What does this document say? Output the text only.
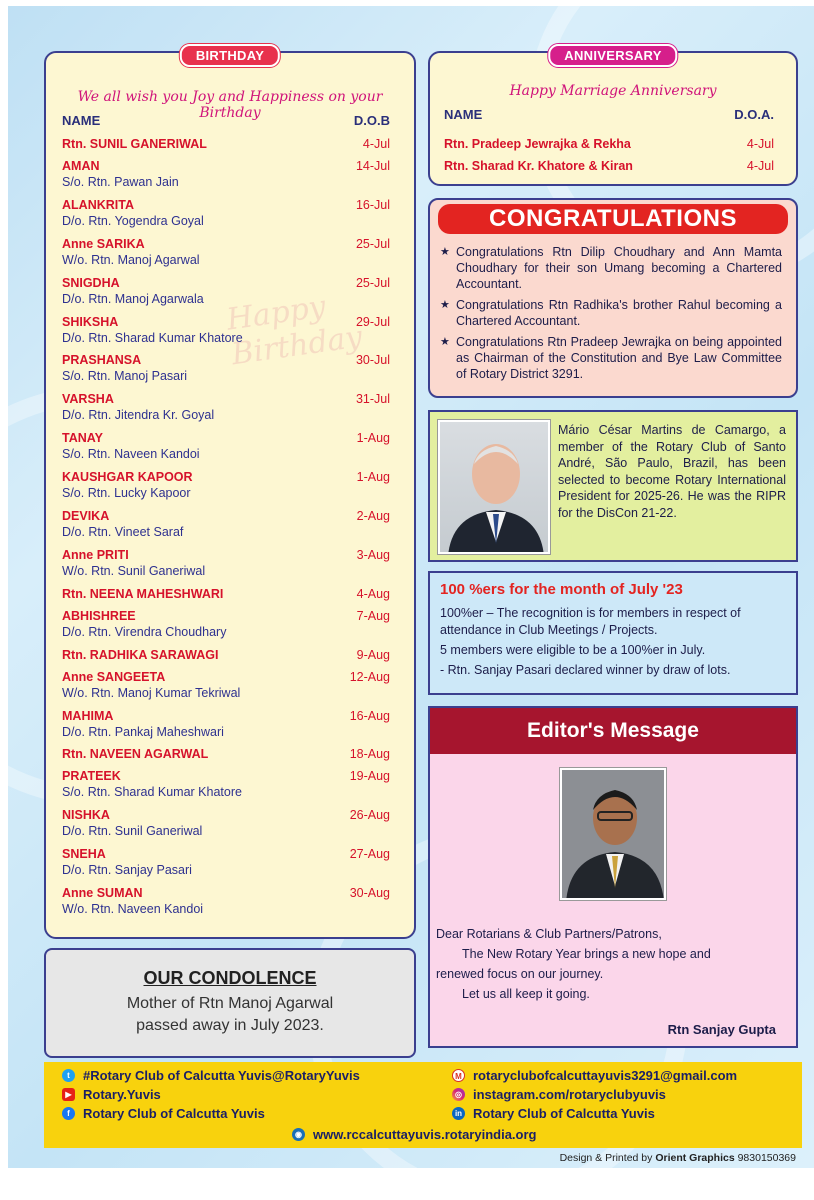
BIRTHDAY
We all wish you Joy and Happiness on your Birthday
NAME	D.O.B
Happy Birthday
Rtn. SUNIL GANERIWAL	4-Jul
AMAN	14-Jul
S/o. Rtn. Pawan Jain
ALANKRITA	16-Jul
D/o. Rtn. Yogendra Goyal
Anne SARIKA	25-Jul
W/o. Rtn. Manoj Agarwal
SNIGDHA	25-Jul
D/o. Rtn. Manoj Agarwala
SHIKSHA	29-Jul
D/o. Rtn. Sharad Kumar Khatore
PRASHANSA	30-Jul
S/o. Rtn. Manoj Pasari
VARSHA	31-Jul
D/o. Rtn. Jitendra Kr. Goyal
TANAY	1-Aug
S/o. Rtn. Naveen Kandoi
KAUSHGAR KAPOOR	1-Aug
S/o. Rtn. Lucky Kapoor
DEVIKA	2-Aug
D/o. Rtn. Vineet Saraf
Anne PRITI	3-Aug
W/o. Rtn. Sunil Ganeriwal
Rtn. NEENA MAHESHWARI	4-Aug
ABHISHREE	7-Aug
D/o. Rtn. Virendra Choudhary
Rtn. RADHIKA SARAWAGI	9-Aug
Anne SANGEETA	12-Aug
W/o. Rtn. Manoj Kumar Tekriwal
MAHIMA	16-Aug
D/o. Rtn. Pankaj Maheshwari
Rtn. NAVEEN AGARWAL	18-Aug
PRATEEK	19-Aug
S/o. Rtn. Sharad Kumar Khatore
NISHKA	26-Aug
D/o. Rtn. Sunil Ganeriwal
SNEHA	27-Aug
D/o. Rtn. Sanjay Pasari
Anne SUMAN	30-Aug
W/o. Rtn. Naveen Kandoi
ANNIVERSARY
Happy Marriage Anniversary
NAME	D.O.A.
Rtn. Pradeep Jewrajka & Rekha	4-Jul
Rtn. Sharad Kr. Khatore & Kiran	4-Jul
CONGRATULATIONS
★ Congratulations Rtn Dilip Choudhary and Ann Mamta Choudhary for their son Umang becoming a Chartered Accountant.
★ Congratulations Rtn Radhika's brother Rahul becoming a Chartered Accountant.
★ Congratulations Rtn Pradeep Jewrajka on being appointed as Chairman of the Constitution and Bye Law Committee of Rotary District 3291.
Mário César Martins de Camargo, a member of the Rotary Club of Santo André, São Paulo, Brazil, has been selected to become Rotary International President for 2025-26. He was the RIPR for the DisCon 21-22.
100 %ers for the month of July '23

100%er – The recognition is for members in respect of attendance in Club Meetings / Projects.

5 members were eligible to be a 100%er in July.

- Rtn. Sanjay Pasari declared winner by draw of lots.

Editor's Message
Dear Rotarians & Club Partners/Patrons,
The New Rotary Year brings a new hope and
renewed focus on our journey.
Let us all keep it going.
Rtn Sanjay Gupta
OUR CONDOLENCE
Mother of Rtn Manoj Agarwal
passed away in July 2023.
t	#Rotary Club of Calcutta Yuvis@RotaryYuvis
▶ Rotary.Yuvis
f	Rotary Club of Calcutta Yuvis
M rotaryclubofcalcuttayuvis3291@gmail.com
◎ instagram.com/rotaryclubyuvis
in Rotary Club of Calcutta Yuvis
◉ www.rccalcuttayuvis.rotaryindia.org
Design & Printed by Orient Graphics 9830150369
